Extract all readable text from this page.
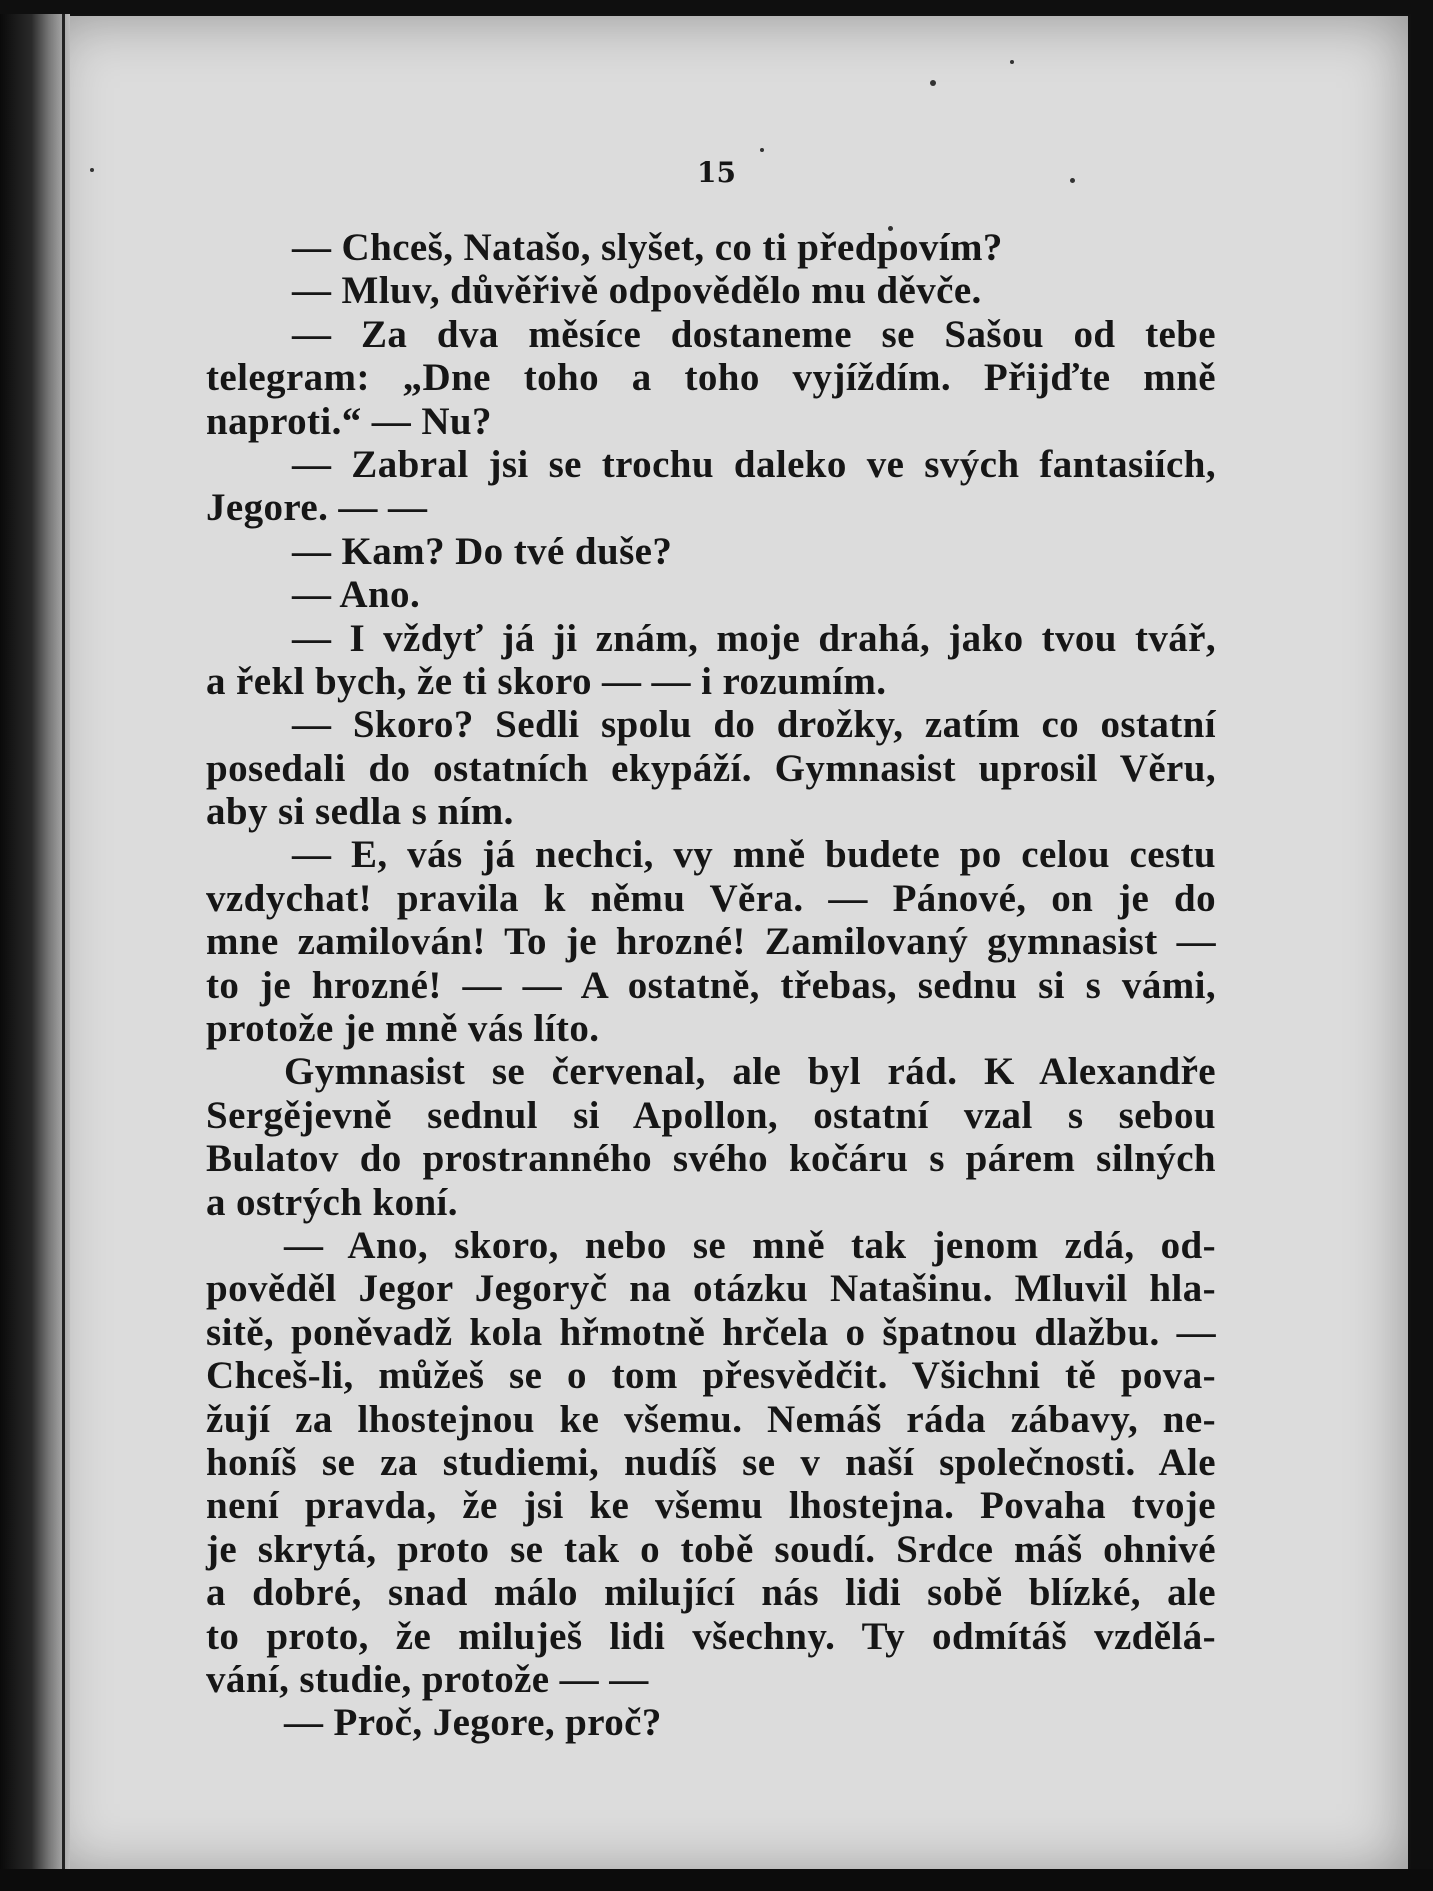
15
— Chceš, Natašo, slyšet, co ti předpovím?
— Mluv, důvěřivě odpovědělo mu děvče.
— Za dva měsíce dostaneme se Sašou od tebe
telegram: „Dne toho a toho vyjíždím. Přijďte mně
naproti.“ — Nu?
— Zabral jsi se trochu daleko ve svých fantasiích,
Jegore. — —
— Kam? Do tvé duše?
— Ano.
— I vždyť já ji znám, moje drahá, jako tvou tvář,
a řekl bych, že ti skoro — — i rozumím.
— Skoro? Sedli spolu do drožky, zatím co ostatní
posedali do ostatních ekypáží. Gymnasist uprosil Věru,
aby si sedla s ním.
— E, vás já nechci, vy mně budete po celou cestu
vzdychat! pravila k němu Věra. — Pánové, on je do
mne zamilován! To je hrozné! Zamilovaný gymnasist —
to je hrozné! — — A ostatně, třebas, sednu si s vámi,
protože je mně vás líto.
Gymnasist se červenal, ale byl rád. K Alexandře
Sergějevně sednul si Apollon, ostatní vzal s sebou
Bulatov do prostranného svého kočáru s párem silných
a ostrých koní.
— Ano, skoro, nebo se mně tak jenom zdá, od-
pověděl Jegor Jegoryč na otázku Natašinu. Mluvil hla-
sitě, poněvadž kola hřmotně hrčela o špatnou dlažbu. —
Chceš-li, můžeš se o tom přesvědčit. Všichni tě pova-
žují za lhostejnou ke všemu. Nemáš ráda zábavy, ne-
honíš se za studiemi, nudíš se v naší společnosti. Ale
není pravda, že jsi ke všemu lhostejna. Povaha tvoje
je skrytá, proto se tak o tobě soudí. Srdce máš ohnivé
a dobré, snad málo milující nás lidi sobě blízké, ale
to proto, že miluješ lidi všechny. Ty odmítáš vzdělá-
vání, studie, protože — —
— Proč, Jegore, proč?
